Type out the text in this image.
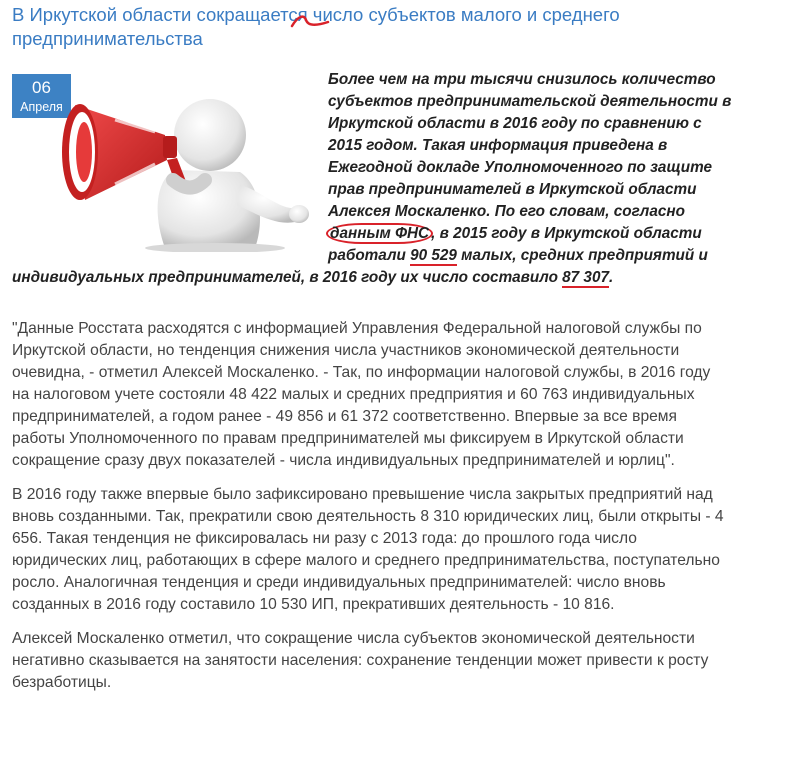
В Иркутской области сокращается число субъектов малого и среднего предпринимательства
06
Апреля

Более чем на три тысячи снизилось количество субъектов предпринимательской деятельности в Иркутской области в 2016 году по сравнению с 2015 годом. Такая информация приведена в Ежегодной докладе Уполномоченного по защите прав предпринимателей в Иркутской области Алексея Москаленко. По его словам, согласно данным ФНС , в 2015 году в Иркутской области работали 90 529 малых, средних предприятий и индивидуальных предпринимателей, в 2016 году их число составило 87 307.

"Данные Росстата расходятся с информацией Управления Федеральной налоговой службы по Иркутской области, но тенденция снижения числа участников экономической деятельности очевидна, - отметил Алексей Москаленко. - Так, по информации налоговой службы, в 2016 году на налоговом учете состояли 48 422 малых и средних предприятия и 60 763 индивидуальных предпринимателей, а годом ранее - 49 856 и 61 372 соответственно. Впервые за все время работы Уполномоченного по правам предпринимателей мы фиксируем в Иркутской области сокращение сразу двух показателей - числа индивидуальных предпринимателей и юрлиц".

В 2016 году также впервые было зафиксировано превышение числа закрытых предприятий над вновь созданными. Так, прекратили свою деятельность 8 310 юридических лиц, были открыты - 4 656. Такая тенденция не фиксировалась ни разу с 2013 года: до прошлого года число юридических лиц, работающих в сфере малого и среднего предпринимательства, поступательно росло. Аналогичная тенденция и среди индивидуальных предпринимателей: число вновь созданных в 2016 году составило 10 530 ИП, прекративших деятельность - 10 816.

Алексей Москаленко отметил, что сокращение числа субъектов экономической деятельности негативно сказывается на занятости населения: сохранение тенденции может привести к росту безработицы.
